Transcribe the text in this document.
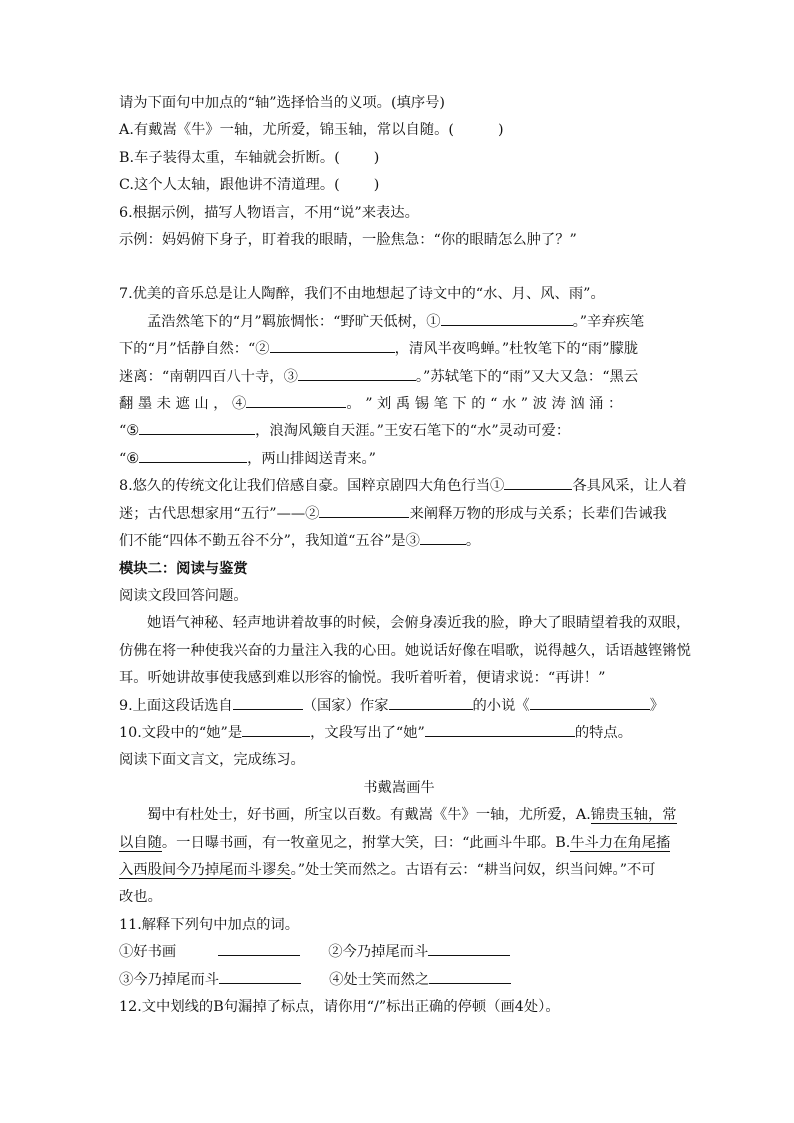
请为下面句中加点的“轴”选择恰当的义项。(填序号)
A.有戴嵩《牛》一轴，尤所爱，锦玉轴，常以自随。(	)
B.车子装得太重，车轴就会折断。( )
C.这个人太轴，跟他讲不清道理。( )
6.根据示例，描写人物语言，不用“说”来表达。
示例：妈妈俯下身子，盯着我的眼睛，一脸焦急：“你的眼睛怎么肿了？”
7.优美的音乐总是让人陶醉，我们不由地想起了诗文中的“水、月、风、雨”。
孟浩然笔下的“月”羁旅惆怅：“野旷天低树，①	。”辛弃疾笔
下的“月”恬静自然：“②	，清风半夜鸣蝉。”杜牧笔下的“雨”朦胧
迷离：“南朝四百八十寺，③	。”苏轼笔下的“雨”又大又急：“黑云
翻 墨 未 遮 山 ， ④	。 ” 刘 禹 锡 笔 下 的 “ 水 ” 波 涛 汹 涌 ：
“⑤	，浪淘风簸自天涯。”王安石笔下的“水”灵动可爱：
“⑥	，两山排闼送青来。”
8.悠久的传统文化让我们倍感自豪。国粹京剧四大角色行当①	各具风采，让人着
迷；古代思想家用“五行”——②	来阐释万物的形成与关系；长辈们告诫我
们不能“四体不勤五谷不分”，我知道“五谷”是③	。
模块二：阅读与鉴赏
阅读文段回答问题。
她语气神秘、轻声地讲着故事的时候，会俯身凑近我的脸，睁大了眼睛望着我的双眼，
仿佛在将一种使我兴奋的力量注入我的心田。她说话好像在唱歌，说得越久，话语越铿锵悦
耳。听她讲故事使我感到难以形容的愉悦。我听着听着，便请求说：“再讲！”
9.上面这段话选自	（国家）作家	的小说《	》
10.文段中的“她”是	，文段写出了“她”	的特点。
阅读下面文言文，完成练习。
书戴嵩画牛
蜀中有杜处士，好书画，所宝以百数。有戴嵩《牛》一轴，尤所爱，A.锦贵玉轴，常
以自随。一日曝书画，有一牧童见之，拊掌大笑，曰：“此画斗牛耶。B.牛斗力在角尾搐
入西股间今乃掉尾而斗谬矣。”处士笑而然之。古语有云：“耕当问奴，织当问婢。”不可
改也。
11.解释下列句中加点的词。
①好书画	②今乃掉尾而斗
③今乃掉尾而斗	④处士笑而然之
12.文中划线的B句漏掉了标点，请你用“/”标出正确的停顿（画4处）。
